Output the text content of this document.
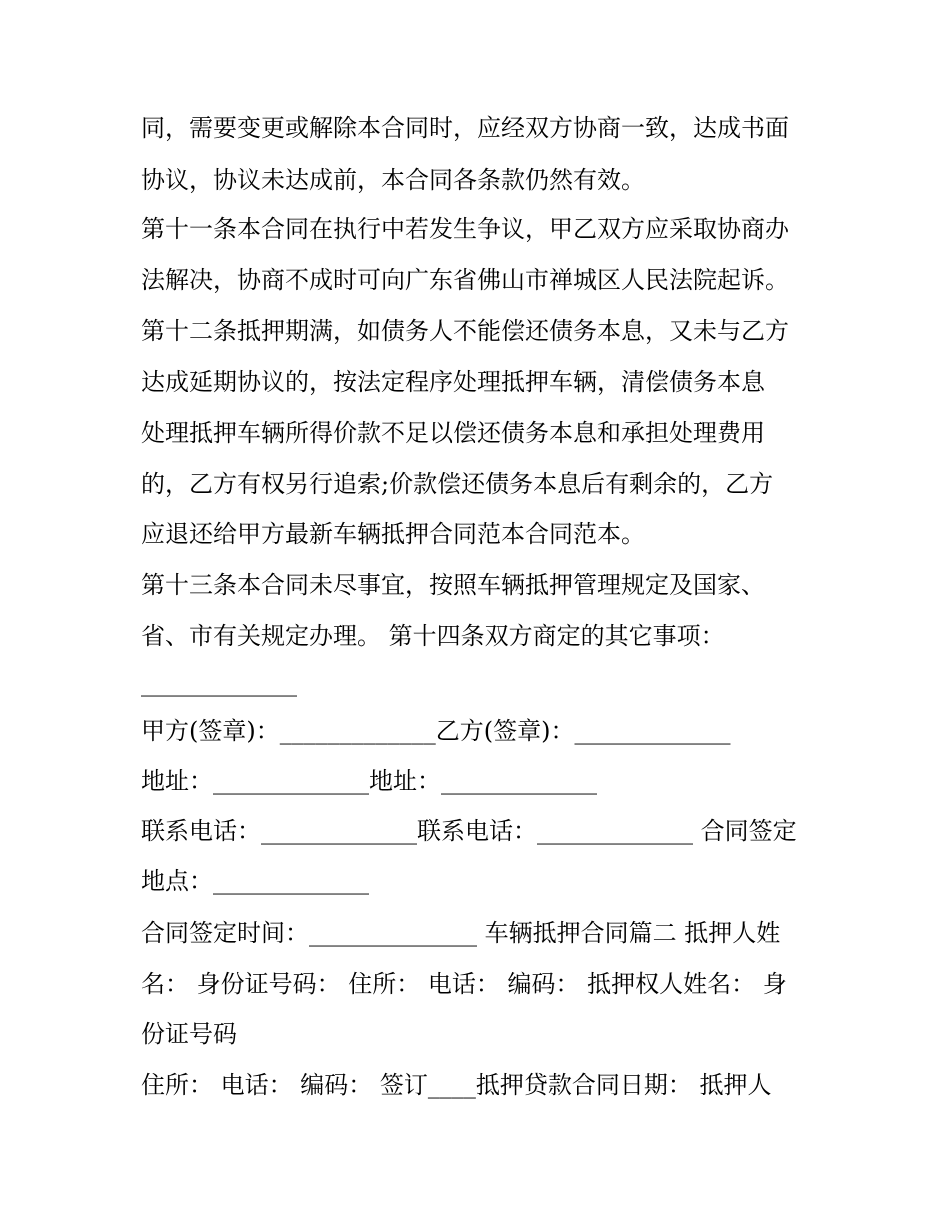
同，需要变更或解除本合同时，应经双方协商一致，达成书面

协议，协议未达成前，本合同各条款仍然有效。

第十一条本合同在执行中若发生争议，甲乙双方应采取协商办

法解决，协商不成时可向广东省佛山市禅城区人民法院起诉。

第十二条抵押期满，如债务人不能偿还债务本息，又未与乙方

达成延期协议的，按法定程序处理抵押车辆，清偿债务本息

处理抵押车辆所得价款不足以偿还债务本息和承担处理费用

的，乙方有权另行追索;价款偿还债务本息后有剩余的，乙方

应退还给甲方最新车辆抵押合同范本合同范本。

第十三条本合同未尽事宜，按照车辆抵押管理规定及国家、

省、市有关规定办理。 第十四条双方商定的其它事项：

_____________

甲方(签章)：_____________乙方(签章)：_____________

地址：_____________地址：_____________

联系电话：_____________联系电话：_____________ 合同签定

地点：_____________

合同签定时间：______________ 车辆抵押合同篇二 抵押人姓

名： 身份证号码： 住所： 电话： 编码： 抵押权人姓名： 身

份证号码

住所： 电话： 编码： 签订____抵押贷款合同日期： 抵押人
